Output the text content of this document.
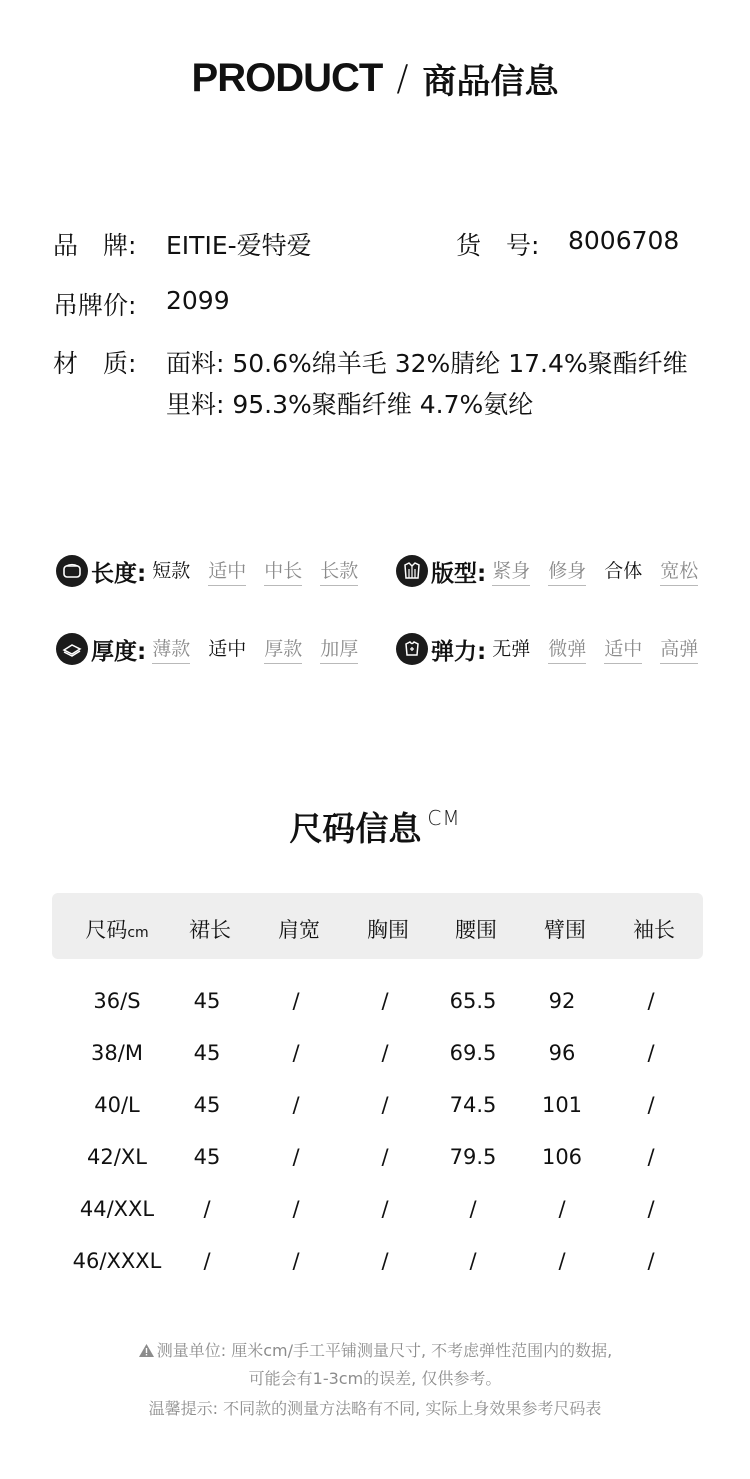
PRODUCT / 商品信息
品　牌: EITIE-爱特爱	货　号: 8006708
吊牌价: 2099
材　质: 面料: 50.6%绵羊毛 32%腈纶 17.4%聚酯纤维
里料: 95.3%聚酯纤维 4.7%氨纶
长度: 短款 适中 中长 长款	版型: 紧身 修身 合体 宽松
厚度: 薄款 适中 厚款 加厚	弹力: 无弹 微弹 适中 高弹
尺码信息 CM
尺码cm	裙长	肩宽	胸围	腰围	臂围	袖长
36/S	45	/	/	65.5	92	/
38/M	45	/	/	69.5	96	/
40/L	45	/	/	74.5	101	/
42/XL	45	/	/	79.5	106	/
44/XXL	/	/	/	/	/	/
46/XXXL	/	/	/	/	/	/
测量单位: 厘米cm/手工平铺测量尺寸, 不考虑弹性范围内的数据,
可能会有1-3cm的误差, 仅供参考。
温馨提示: 不同款的测量方法略有不同, 实际上身效果参考尺码表
